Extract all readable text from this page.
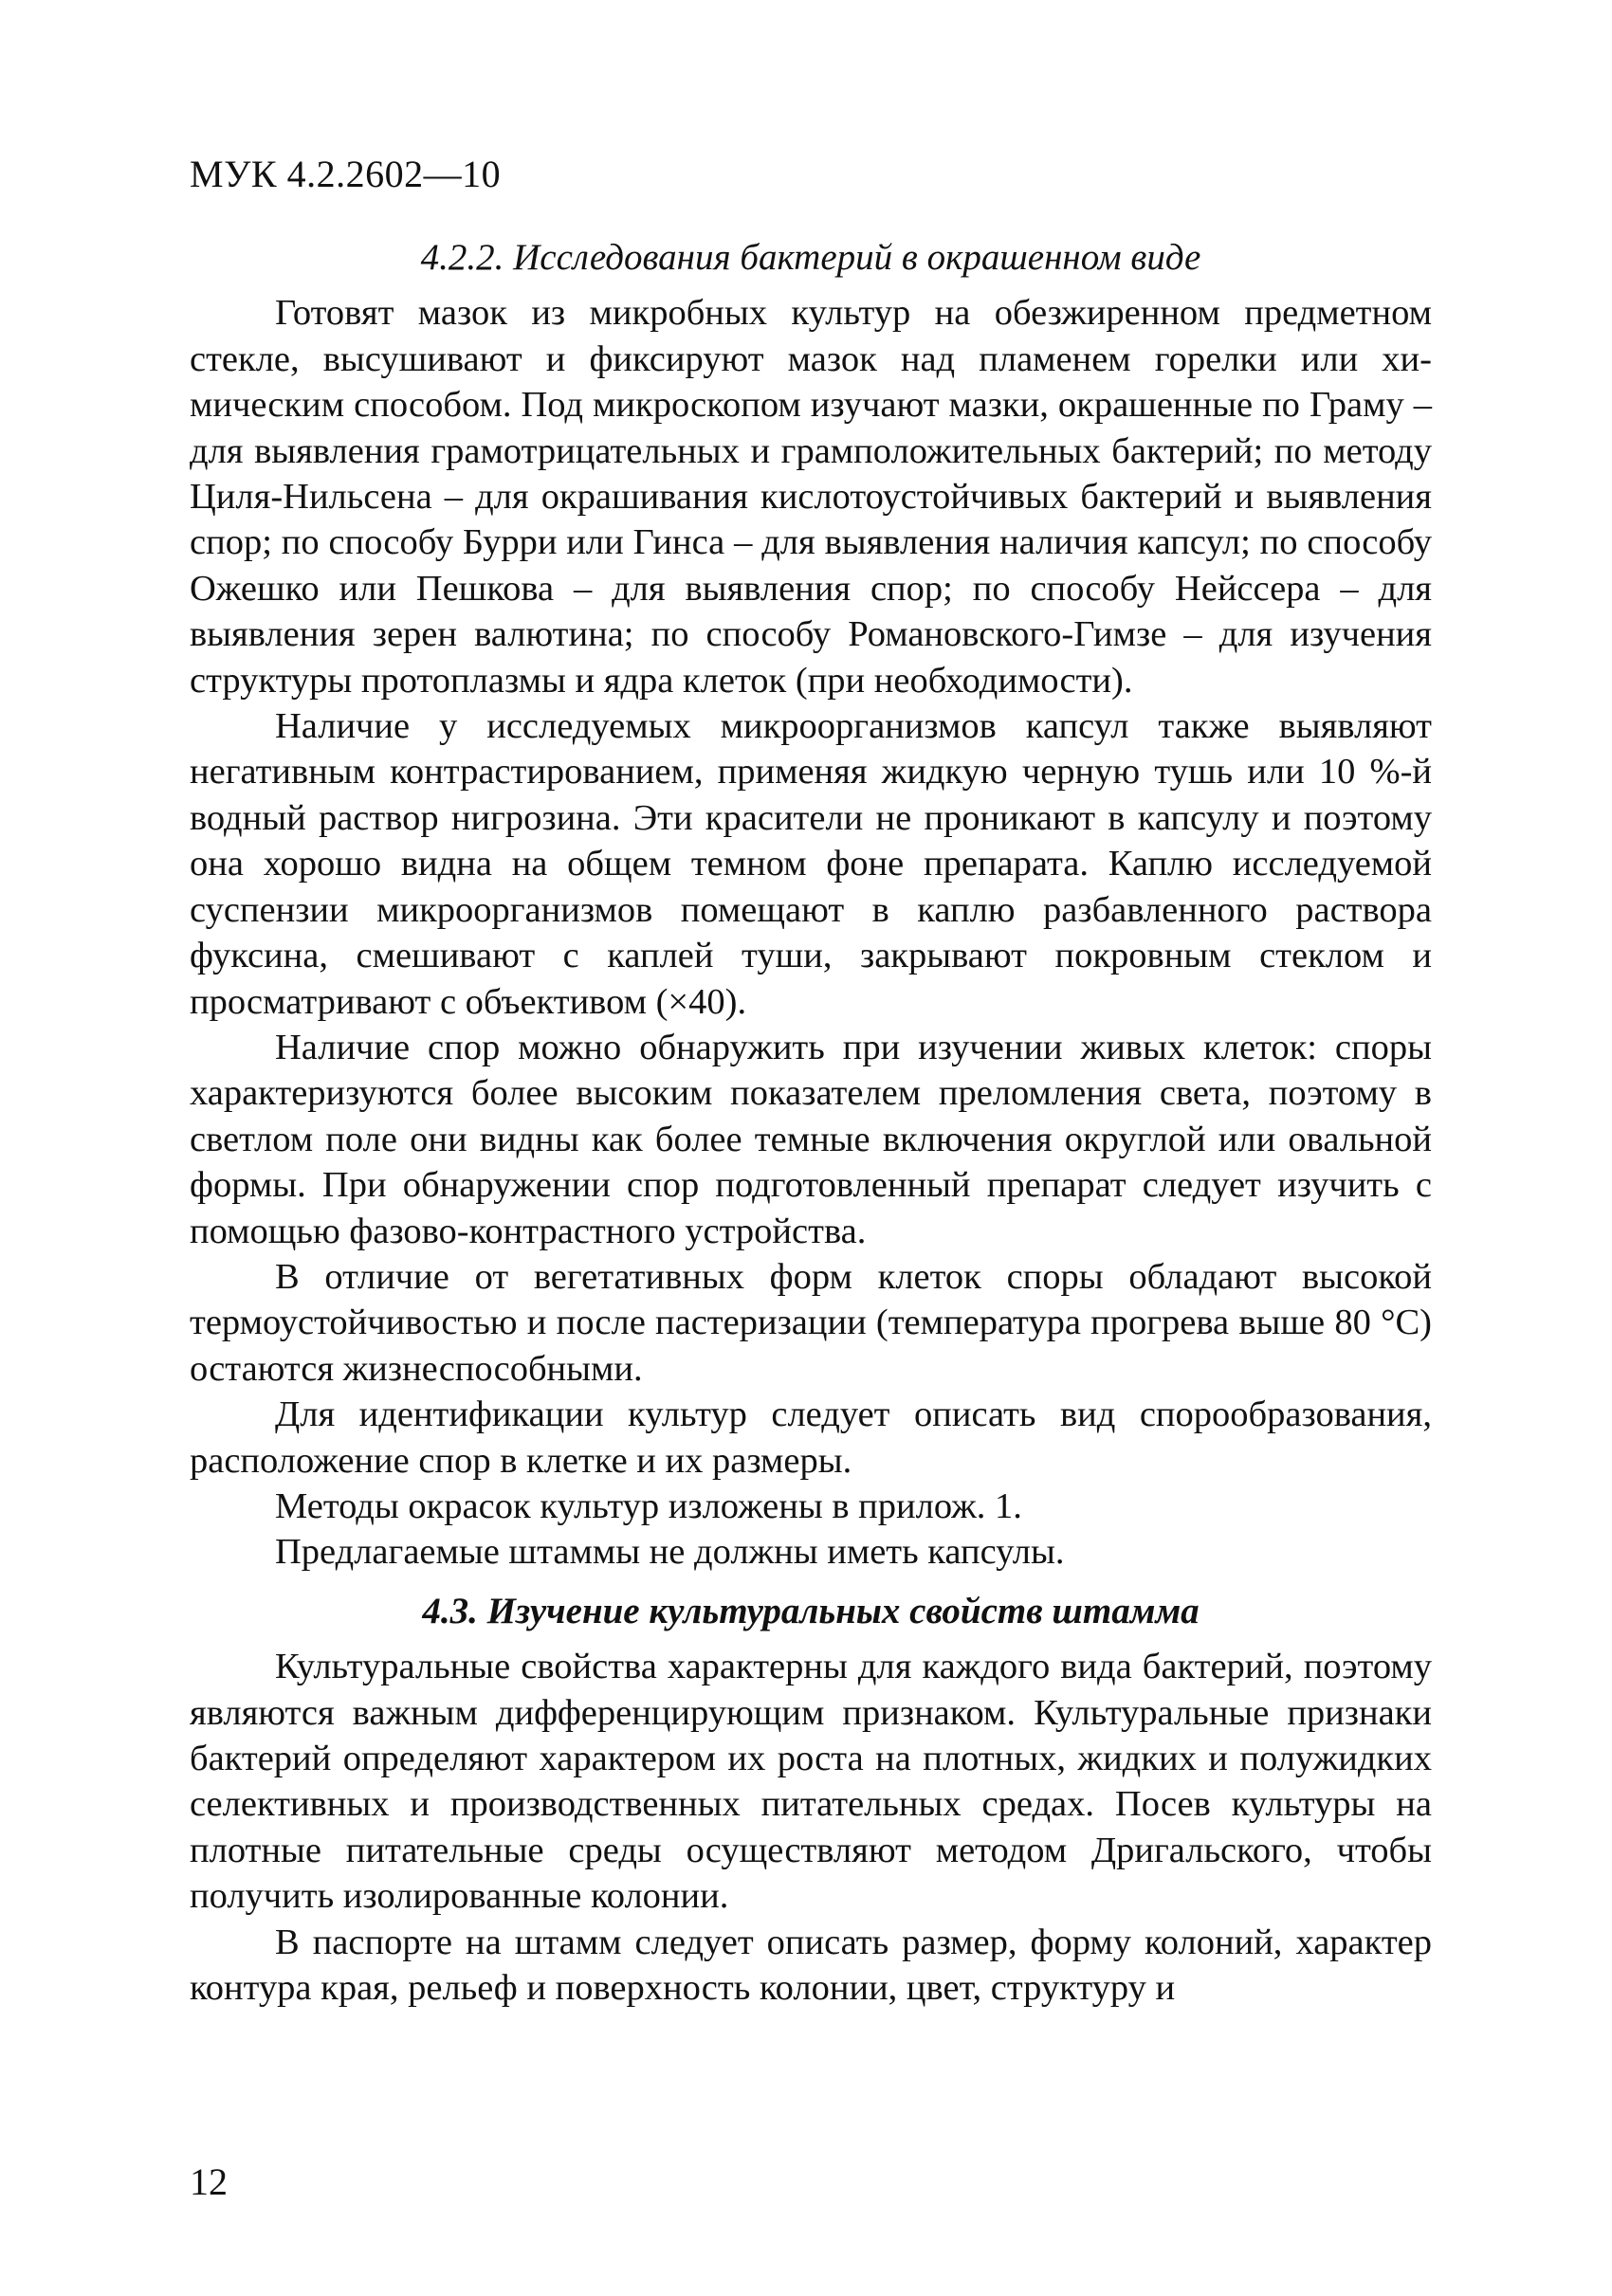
МУК 4.2.2602—10
4.2.2. Исследования бактерий в окрашенном виде

Готовят мазок из микробных культур на обезжиренном предметном стекле, высушивают и фиксируют мазок над пламенем горелки или химическим способом. Под микроскопом изучают мазки, окрашенные по Граму – для выявления грамотрицательных и грамположительных бактерий; по методу Циля-Нильсена – для окрашивания кислотоустойчивых бактерий и выявления спор; по способу Бурри или Гинса – для выявления наличия капсул; по способу Ожешко или Пешкова – для выявления спор; по способу Нейссера – для выявления зерен валютина; по способу Романовского-Гимзе – для изучения структуры протоплазмы и ядра клеток (при необходимости).

Наличие у исследуемых микроорганизмов капсул также выявляют негативным контрастированием, применяя жидкую черную тушь или 10 %-й водный раствор нигрозина. Эти красители не проникают в капсулу и поэтому она хорошо видна на общем темном фоне препарата. Каплю исследуемой суспензии микроорганизмов помещают в каплю разбавленного раствора фуксина, смешивают с каплей туши, закрывают покровным стеклом и просматривают с объективом (×40).

Наличие спор можно обнаружить при изучении живых клеток: споры характеризуются более высоким показателем преломления света, поэтому в светлом поле они видны как более темные включения округлой или овальной формы. При обнаружении спор подготовленный препарат следует изучить с помощью фазово-контрастного устройства.

В отличие от вегетативных форм клеток споры обладают высокой термоустойчивостью и после пастеризации (температура прогрева выше 80 °С) остаются жизнеспособными.

Для идентификации культур следует описать вид спорообразования, расположение спор в клетке и их размеры.

Методы окрасок культур изложены в прилож. 1.

Предлагаемые штаммы не должны иметь капсулы.

4.3. Изучение культуральных свойств штамма

Культуральные свойства характерны для каждого вида бактерий, поэтому являются важным дифференцирующим признаком. Культуральные признаки бактерий определяют характером их роста на плотных, жидких и полужидких селективных и производственных питательных средах. Посев культуры на плотные питательные среды осуществляют методом Дригальского, чтобы получить изолированные колонии.

В паспорте на штамм следует описать размер, форму колоний, характер контура края, рельеф и поверхность колонии, цвет, структуру и

12
